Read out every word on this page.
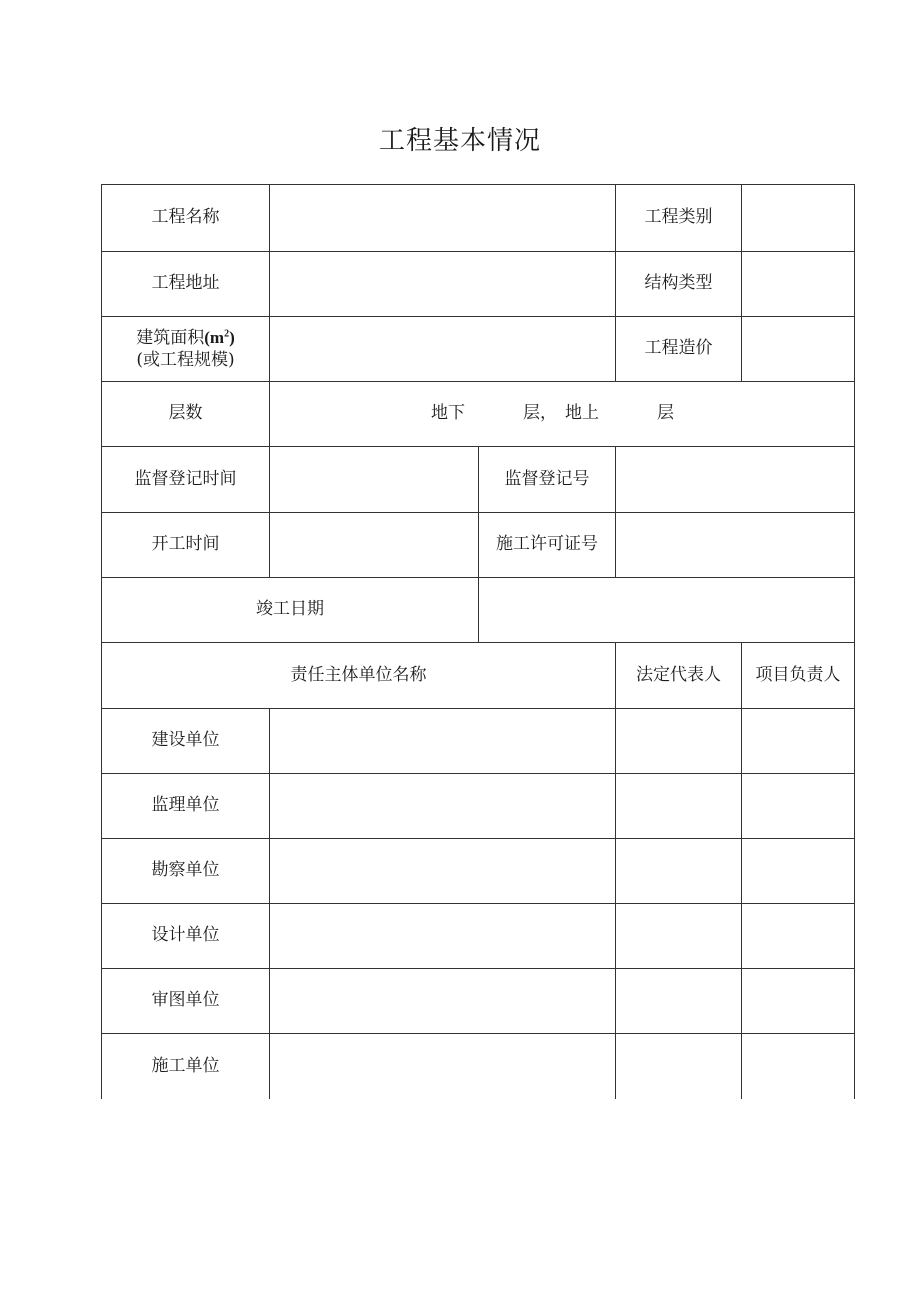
工程基本情况
工程名称			工程类别	
工程地址			结构类型	

建筑面积$(m^2)$
(或工程规模)			工程造价	
层数	地下 层， 地上 层			
监督登记时间		监督登记号		
开工时间		施工许可证号		
竣工日期				
责任主体单位名称			法定代表人	项目负责人
建设单位				
监理单位				
勘察单位				
设计单位				
审图单位				
施工单位				
